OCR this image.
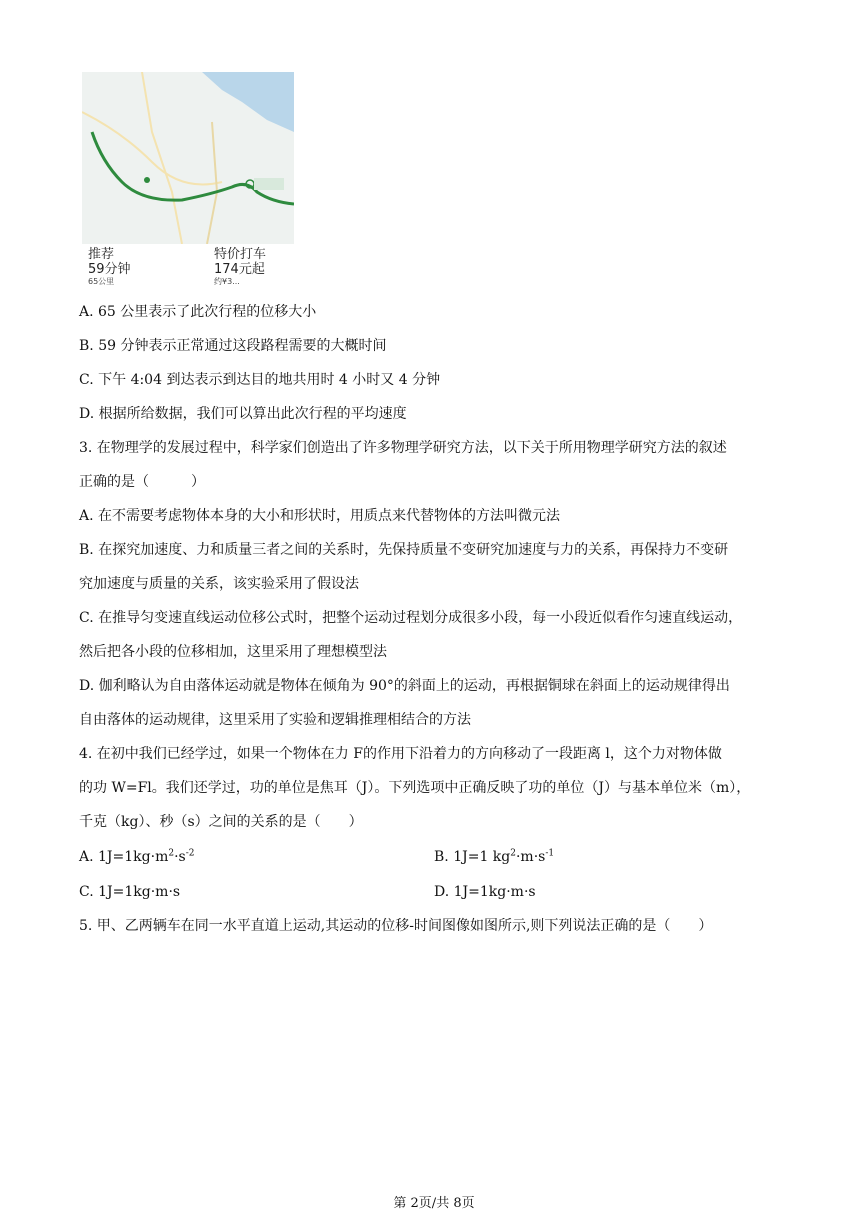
推荐
59分钟
65公里
特价打车
174元起
约¥3...
A. 65 公里表示了此次行程的位移大小
B. 59 分钟表示正常通过这段路程需要的大概时间
C. 下午 4:04 到达表示到达目的地共用时 4 小时又 4 分钟
D. 根据所给数据，我们可以算出此次行程的平均速度
3. 在物理学的发展过程中，科学家们创造出了许多物理学研究方法，以下关于所用物理学研究方法的叙述
正确的是（　　　）
A. 在不需要考虑物体本身的大小和形状时，用质点来代替物体的方法叫微元法
B. 在探究加速度、力和质量三者之间的关系时，先保持质量不变研究加速度与力的关系，再保持力不变研
究加速度与质量的关系，该实验采用了假设法
C. 在推导匀变速直线运动位移公式时，把整个运动过程划分成很多小段，每一小段近似看作匀速直线运动，
然后把各小段的位移相加，这里采用了理想模型法
D. 伽利略认为自由落体运动就是物体在倾角为 90°的斜面上的运动，再根据铜球在斜面上的运动规律得出
自由落体的运动规律，这里采用了实验和逻辑推理相结合的方法
4. 在初中我们已经学过，如果一个物体在力 F的作用下沿着力的方向移动了一段距离 l，这个力对物体做
的功 W=Fl。我们还学过，功的单位是焦耳（J）。下列选项中正确反映了功的单位（J）与基本单位米（m），
千克（kg）、秒（s）之间的关系的是（　　）
A. $1J=1kg\cdot m^2\cdot s^{-2}$	B. 1J=1 $kg^2\cdot m\cdot s^{-1}$
C. 1J=1kg·m·s	D. 1J=1kg·m·s
5. 甲、乙两辆车在同一水平直道上运动,其运动的位移-时间图像如图所示,则下列说法正确的是（　　）
第 2页/共 8页
